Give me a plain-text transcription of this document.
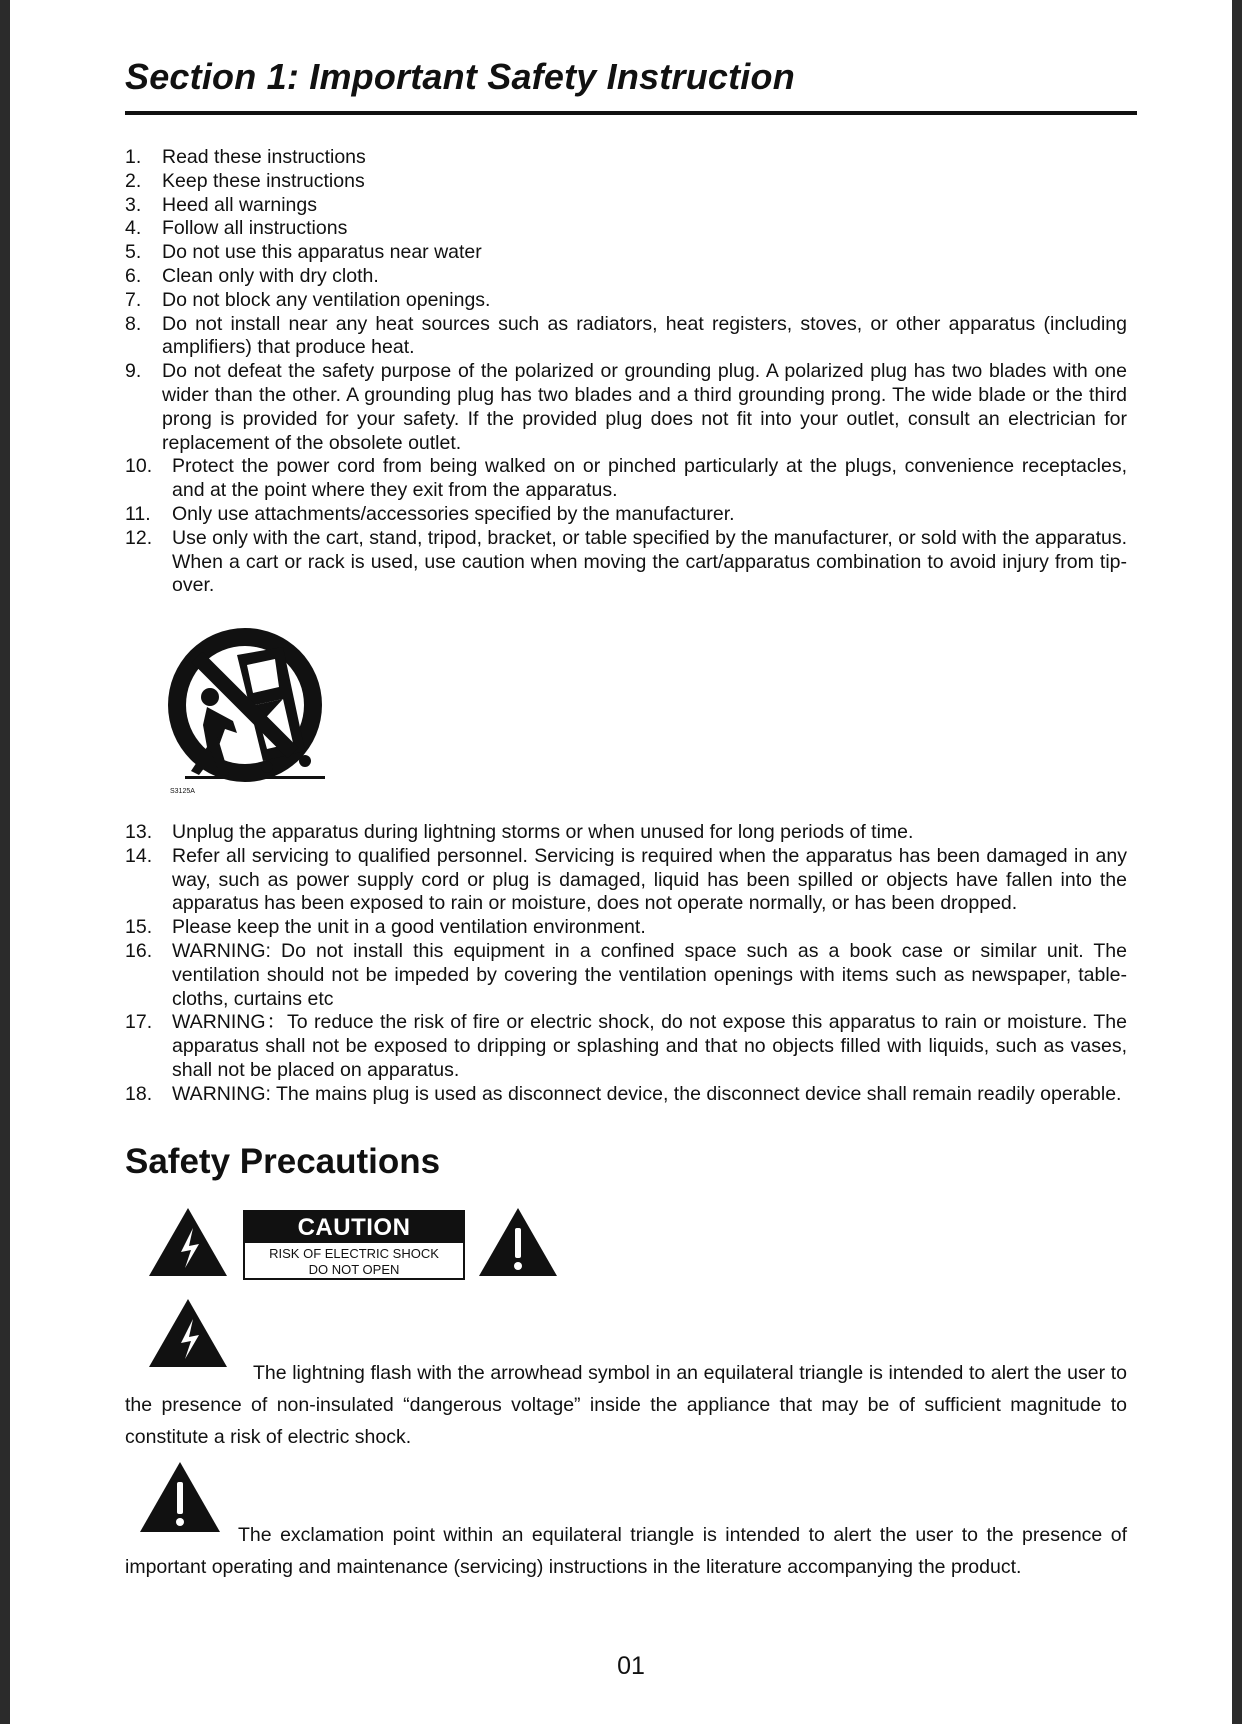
Section 1: Important Safety Instruction
1.	Read these instructions
2.	Keep these instructions
3.	Heed all warnings
4.	Follow all instructions
5.	Do not use this apparatus near water
6.	Clean only with dry cloth.
7.	Do not block any ventilation openings.
8.	Do not install near any heat sources such as radiators, heat registers, stoves, or other apparatus (including amplifiers) that produce heat.
9.	Do not defeat the safety purpose of the polarized or grounding plug. A polarized plug has two blades with one wider than the other. A grounding plug has two blades and a third grounding prong. The wide blade or the third prong is provided for your safety. If the provided plug does not fit into your outlet, consult an electrician for replacement of the obsolete outlet.
10.	Protect the power cord from being walked on or pinched particularly at the plugs, convenience receptacles, and at the point where they exit from the apparatus.
11.	Only use attachments/accessories specified by the manufacturer.
12.	Use only with the cart, stand, tripod, bracket, or table specified by the manufacturer, or sold with the apparatus. When a cart or rack is used, use caution when moving the cart/apparatus combination to avoid injury from tip-over.
S3125A
13.	Unplug the apparatus during lightning storms or when unused for long periods of time.
14.	Refer all servicing to qualified personnel. Servicing is required when the apparatus has been damaged in any way, such as power supply cord or plug is damaged, liquid has been spilled or objects have fallen into the apparatus has been exposed to rain or moisture, does not operate normally, or has been dropped.
15.	Please keep the unit in a good ventilation environment.
16.	WARNING: Do not install this equipment in a confined space such as a book case or similar unit. The ventilation should not be impeded by covering the ventilation openings with items such as newspaper, table-cloths, curtains etc
17.	WARNING：To reduce the risk of fire or electric shock, do not expose this apparatus to rain or moisture. The apparatus shall not be exposed to dripping or splashing and that no objects filled with liquids, such as vases, shall not be placed on apparatus.
18.	WARNING: The mains plug is used as disconnect device, the disconnect device shall remain readily operable.
Safety Precautions
CAUTION
RISK OF ELECTRIC SHOCK
DO NOT OPEN

The lightning flash with the arrowhead symbol in an equilateral triangle is intended to alert the user to the presence of non-insulated “dangerous voltage” inside the appliance that may be of sufficient magnitude to constitute a risk of electric shock.

The exclamation point within an equilateral triangle is intended to alert the user to the presence of important operating and maintenance (servicing) instructions in the literature accompanying the product.

01
